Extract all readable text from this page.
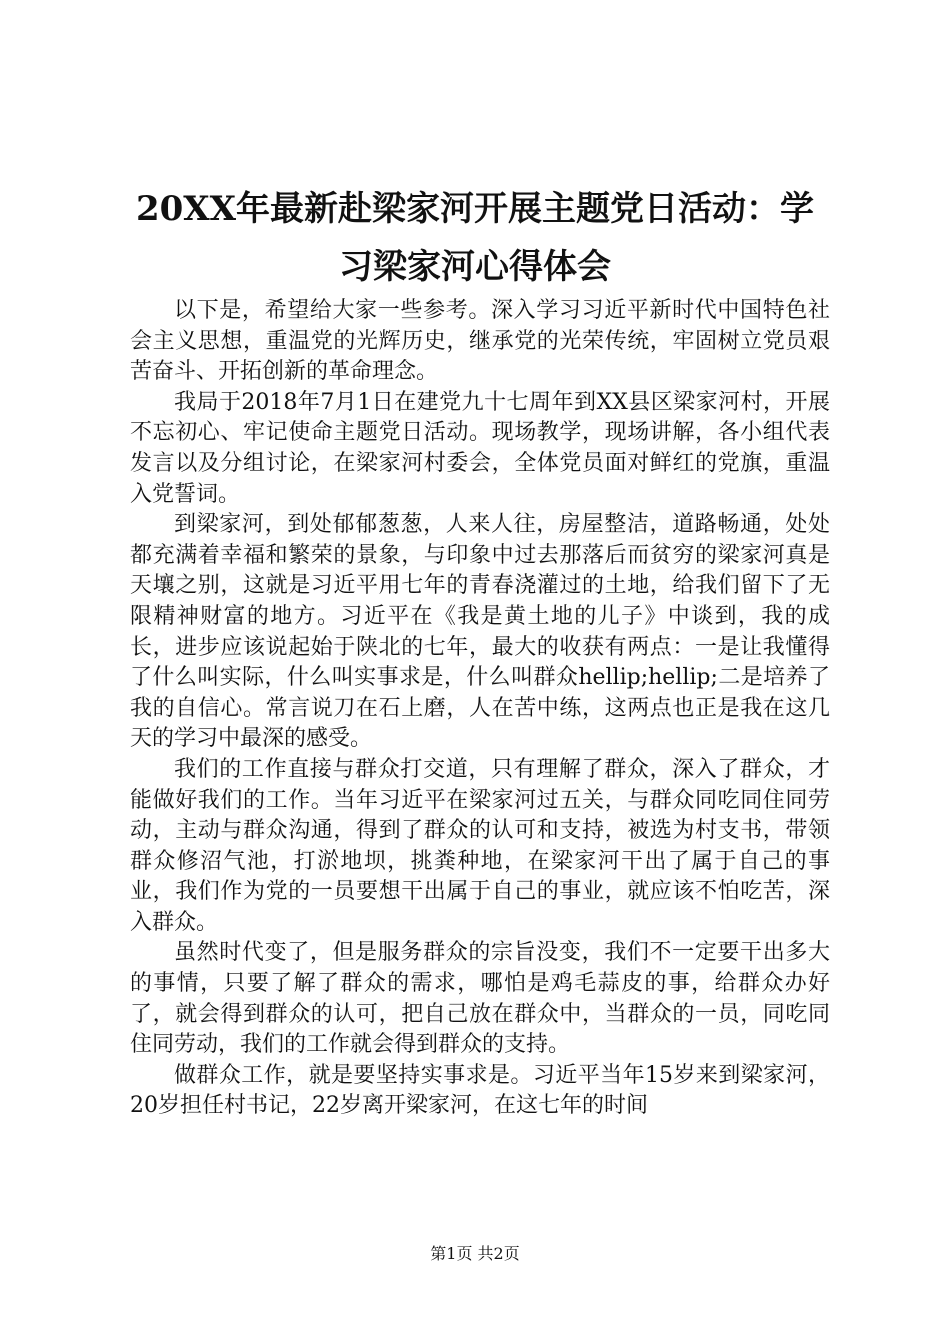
20XX年最新赴梁家河开展主题党日活动：学习梁家河心得体会

以下是，希望给大家一些参考。深入学习习近平新时代中国特色社会主义思想，重温党的光辉历史，继承党的光荣传统，牢固树立党员艰苦奋斗、开拓创新的革命理念。

我局于2018年7月1日在建党九十七周年到XX县区梁家河村，开展不忘初心、牢记使命主题党日活动。现场教学，现场讲解，各小组代表发言以及分组讨论，在梁家河村委会，全体党员面对鲜红的党旗，重温入党誓词。

到梁家河，到处郁郁葱葱，人来人往，房屋整洁，道路畅通，处处都充满着幸福和繁荣的景象，与印象中过去那落后而贫穷的梁家河真是天壤之别，这就是习近平用七年的青春浇灌过的土地，给我们留下了无限精神财富的地方。习近平在《我是黄土地的儿子》中谈到，我的成长，进步应该说起始于陕北的七年，最大的收获有两点：一是让我懂得了什么叫实际，什么叫实事求是，什么叫群众hellip;hellip;二是培养了我的自信心。常言说刀在石上磨，人在苦中练，这两点也正是我在这几天的学习中最深的感受。

我们的工作直接与群众打交道，只有理解了群众，深入了群众，才能做好我们的工作。当年习近平在梁家河过五关，与群众同吃同住同劳动，主动与群众沟通，得到了群众的认可和支持，被选为村支书，带领群众修沼气池，打淤地坝，挑粪种地，在梁家河干出了属于自己的事业，我们作为党的一员要想干出属于自己的事业，就应该不怕吃苦，深入群众。

虽然时代变了，但是服务群众的宗旨没变，我们不一定要干出多大的事情，只要了解了群众的需求，哪怕是鸡毛蒜皮的事，给群众办好了，就会得到群众的认可，把自己放在群众中，当群众的一员，同吃同住同劳动，我们的工作就会得到群众的支持。

做群众工作，就是要坚持实事求是。习近平当年15岁来到梁家河，20岁担任村书记，22岁离开梁家河，在这七年的时间

第1页 共2页
